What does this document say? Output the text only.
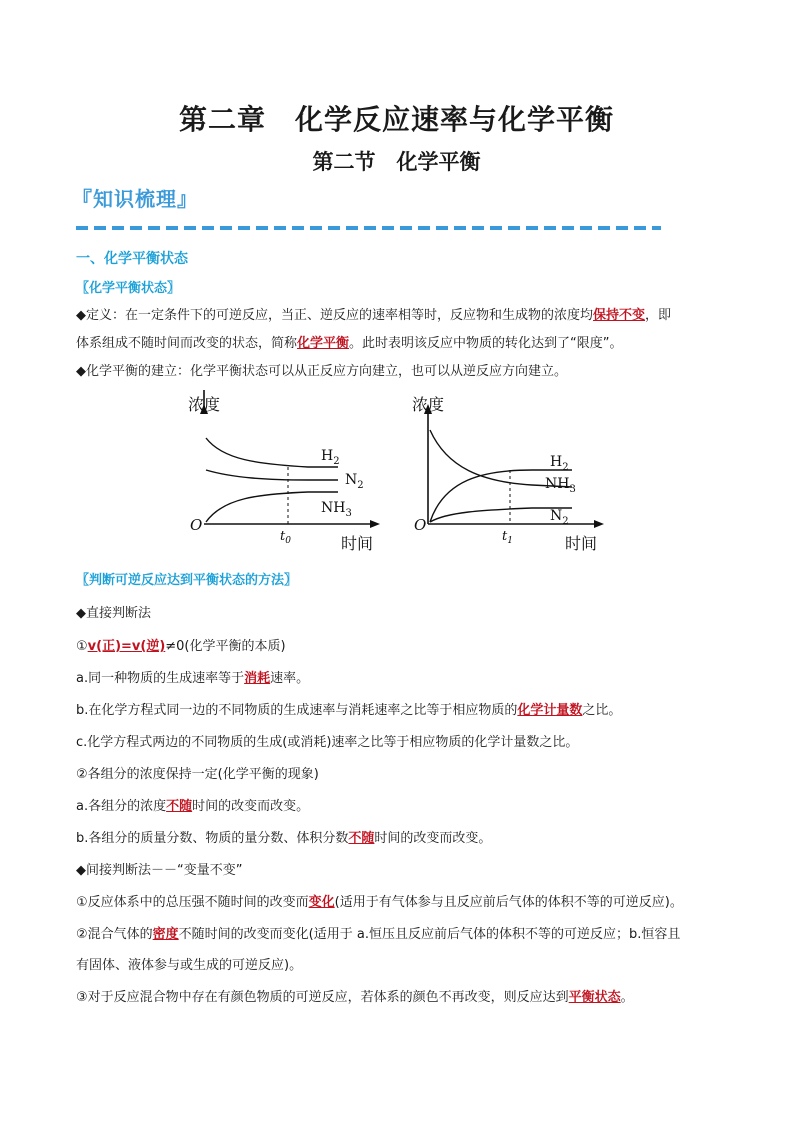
第二章　化学反应速率与化学平衡
第二节　化学平衡
『知识梳理』
一、化学平衡状态
〖化学平衡状态〗
◆定义：在一定条件下的可逆反应，当正、逆反应的速率相等时，反应物和生成物的浓度均保持不变，即
体系组成不随时间而改变的状态，简称化学平衡。此时表明该反应中物质的转化达到了“限度”。
◆化学平衡的建立：化学平衡状态可以从正反应方向建立，也可以从逆反应方向建立。
浓度
时间
O
$t_0$
$H_2$
$N_2$
$NH_3$
浓度
时间
O
$t_1$
$H_2$
$NH_3$
$N_2$
〖判断可逆反应达到平衡状态的方法〗
◆直接判断法
①v(正)=v(逆)≠0(化学平衡的本质)
a.同一种物质的生成速率等于消耗速率。
b.在化学方程式同一边的不同物质的生成速率与消耗速率之比等于相应物质的化学计量数之比。
c.化学方程式两边的不同物质的生成(或消耗)速率之比等于相应物质的化学计量数之比。
②各组分的浓度保持一定(化学平衡的现象)
a.各组分的浓度不随时间的改变而改变。
b.各组分的质量分数、物质的量分数、体积分数不随时间的改变而改变。
◆间接判断法－－“变量不变”
①反应体系中的总压强不随时间的改变而变化(适用于有气体参与且反应前后气体的体积不等的可逆反应)。
②混合气体的密度不随时间的改变而变化(适用于 a.恒压且反应前后气体的体积不等的可逆反应；b.恒容且
有固体、液体参与或生成的可逆反应)。
③对于反应混合物中存在有颜色物质的可逆反应，若体系的颜色不再改变，则反应达到平衡状态。
